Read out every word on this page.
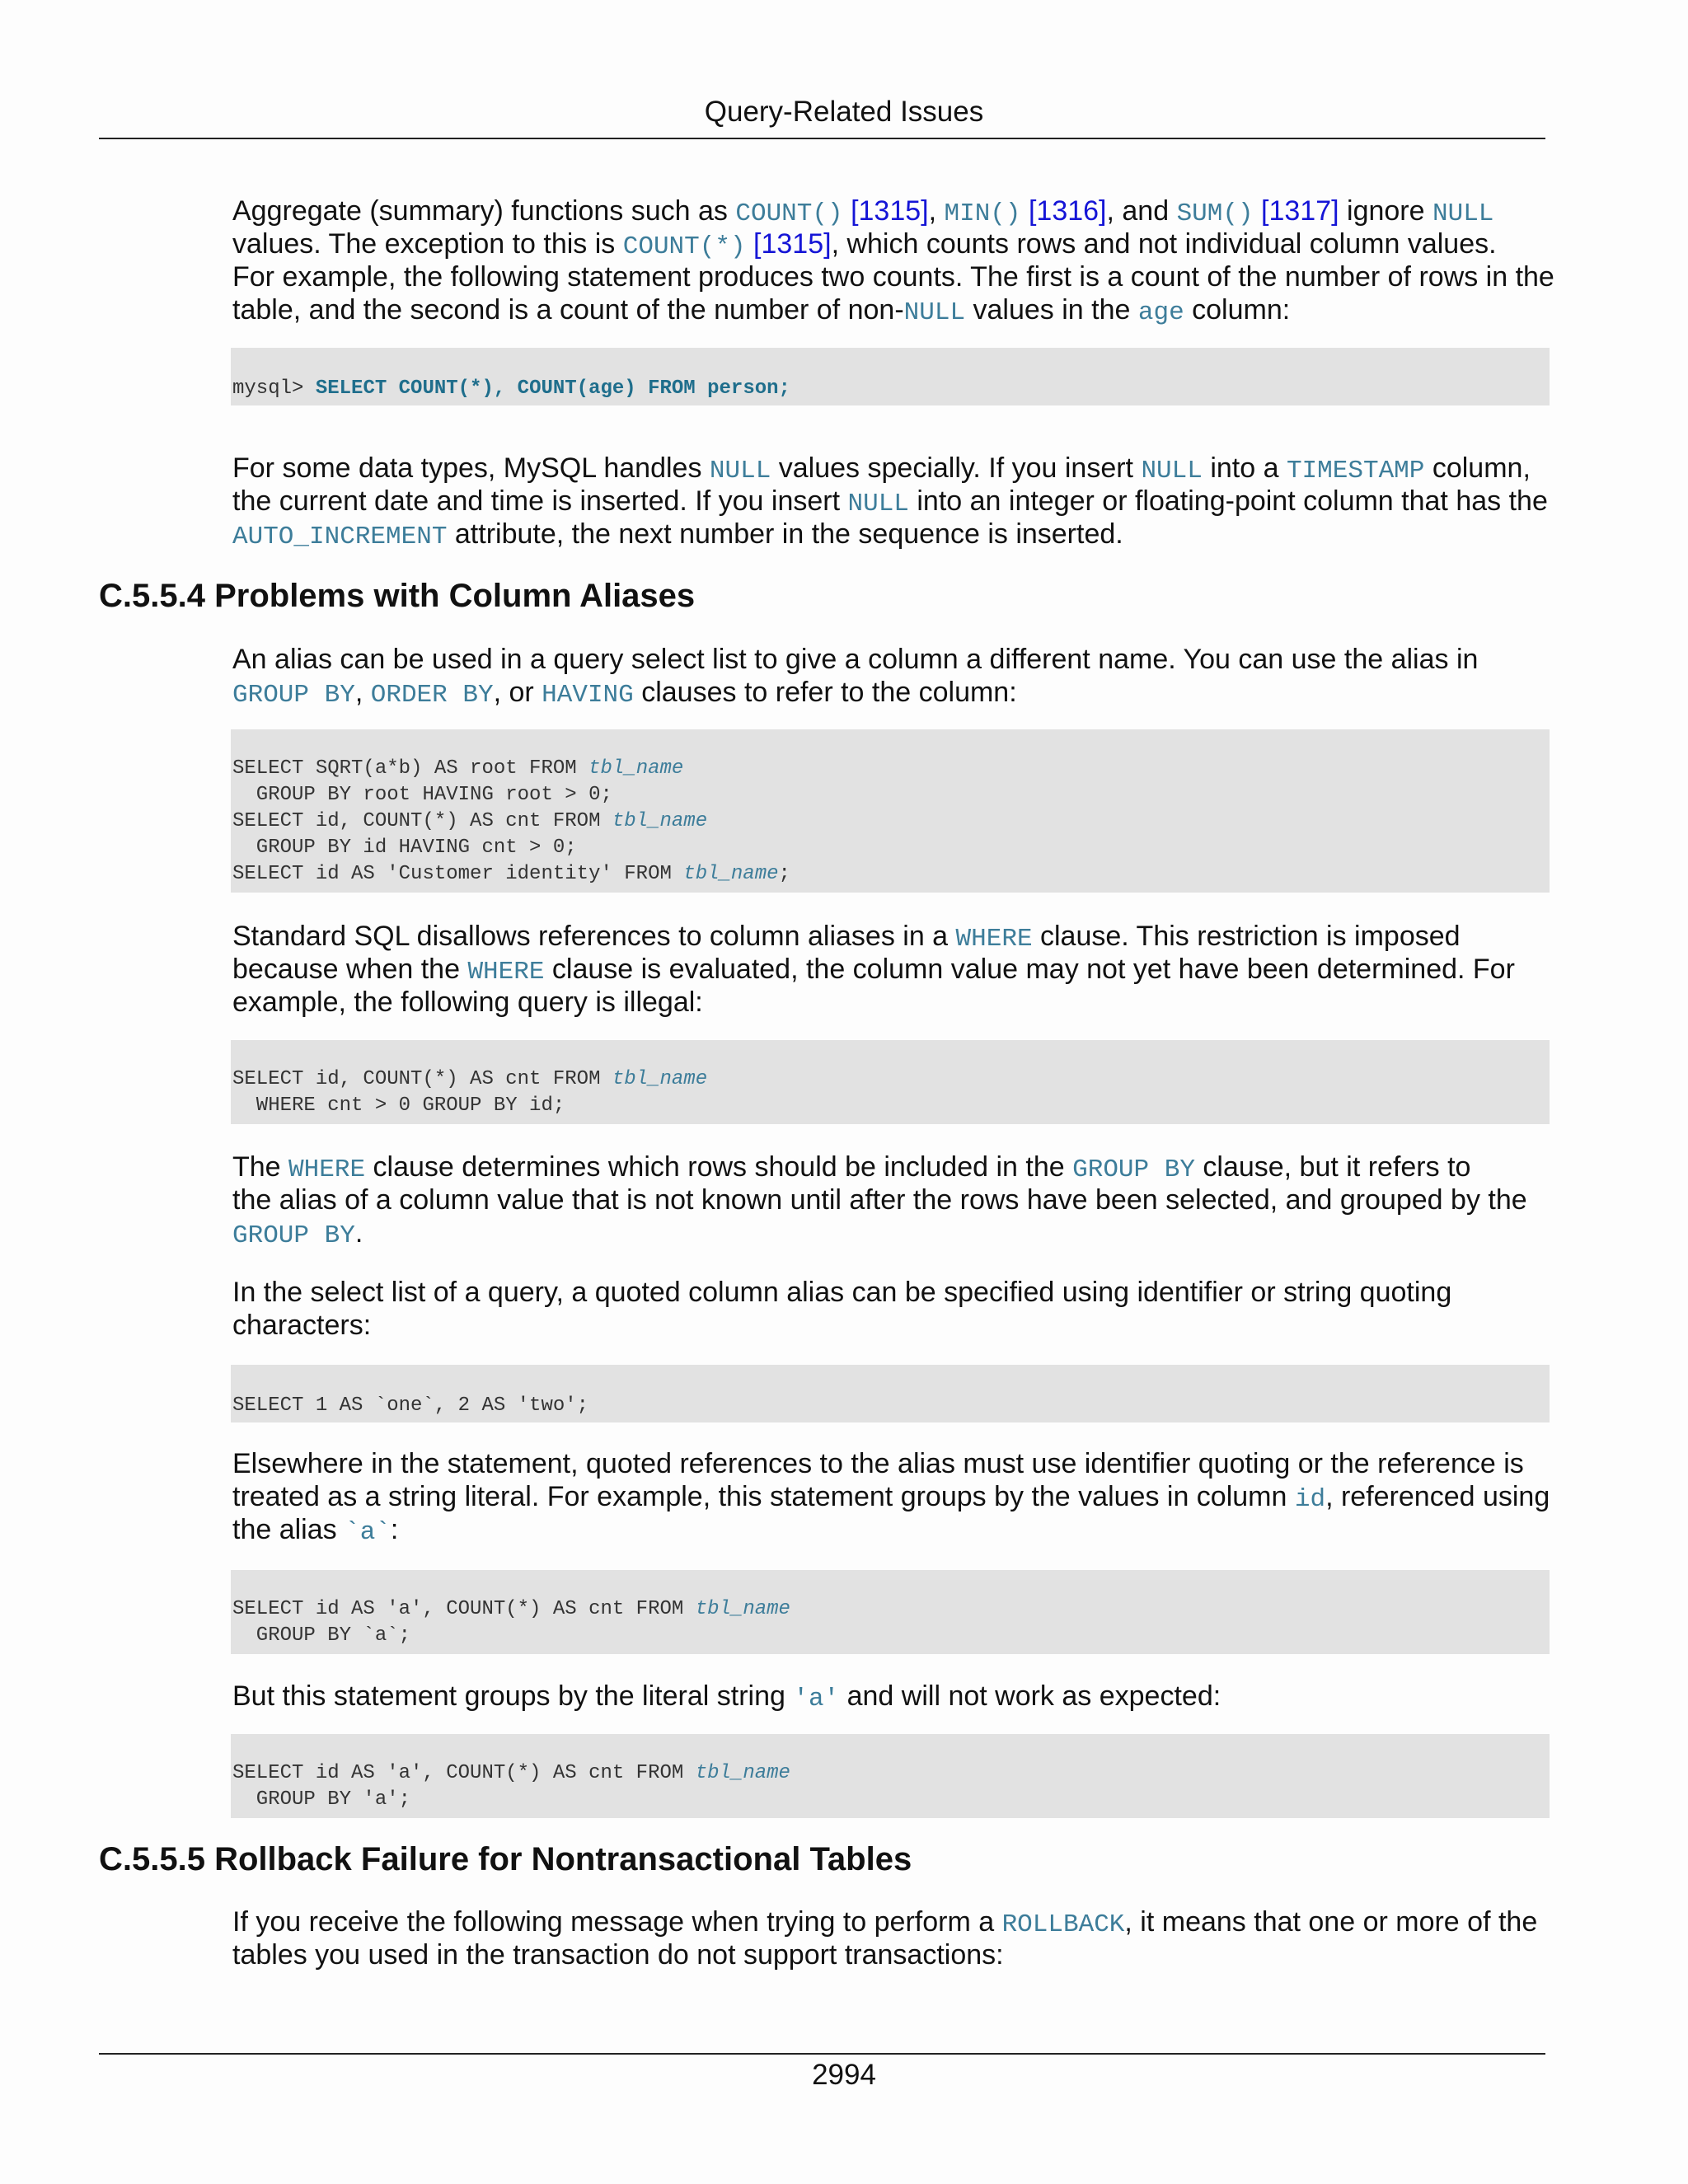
Query-Related Issues

Aggregate (summary) functions such as COUNT() [1315], MIN() [1316], and SUM() [1317] ignore NULL
values. The exception to this is COUNT(*) [1315], which counts rows and not individual column values.
For example, the following statement produces two counts. The first is a count of the number of rows in the
table, and the second is a count of the number of non-NULL values in the age column:

mysql> SELECT COUNT(*), COUNT(age) FROM person;

For some data types, MySQL handles NULL values specially. If you insert NULL into a TIMESTAMP column,
the current date and time is inserted. If you insert NULL into an integer or floating-point column that has the
AUTO_INCREMENT attribute, the next number in the sequence is inserted.

C.5.5.4 Problems with Column Aliases

An alias can be used in a query select list to give a column a different name. You can use the alias in
GROUP BY, ORDER BY, or HAVING clauses to refer to the column:

SELECT SQRT(a*b) AS root FROM tbl_name
GROUP BY root HAVING root > 0;
SELECT id, COUNT(*) AS cnt FROM tbl_name
GROUP BY id HAVING cnt > 0;
SELECT id AS 'Customer identity' FROM tbl_name;

Standard SQL disallows references to column aliases in a WHERE clause. This restriction is imposed
because when the WHERE clause is evaluated, the column value may not yet have been determined. For
example, the following query is illegal:

SELECT id, COUNT(*) AS cnt FROM tbl_name
WHERE cnt > 0 GROUP BY id;

The WHERE clause determines which rows should be included in the GROUP BY clause, but it refers to
the alias of a column value that is not known until after the rows have been selected, and grouped by the
GROUP BY.

In the select list of a query, a quoted column alias can be specified using identifier or string quoting
characters:

SELECT 1 AS `one`, 2 AS 'two';

Elsewhere in the statement, quoted references to the alias must use identifier quoting or the reference is
treated as a string literal. For example, this statement groups by the values in column id, referenced using
the alias `a`:

SELECT id AS 'a', COUNT(*) AS cnt FROM tbl_name
GROUP BY `a`;

But this statement groups by the literal string 'a' and will not work as expected:

SELECT id AS 'a', COUNT(*) AS cnt FROM tbl_name
GROUP BY 'a';
C.5.5.5 Rollback Failure for Nontransactional Tables

If you receive the following message when trying to perform a ROLLBACK, it means that one or more of the
tables you used in the transaction do not support transactions:

2994
